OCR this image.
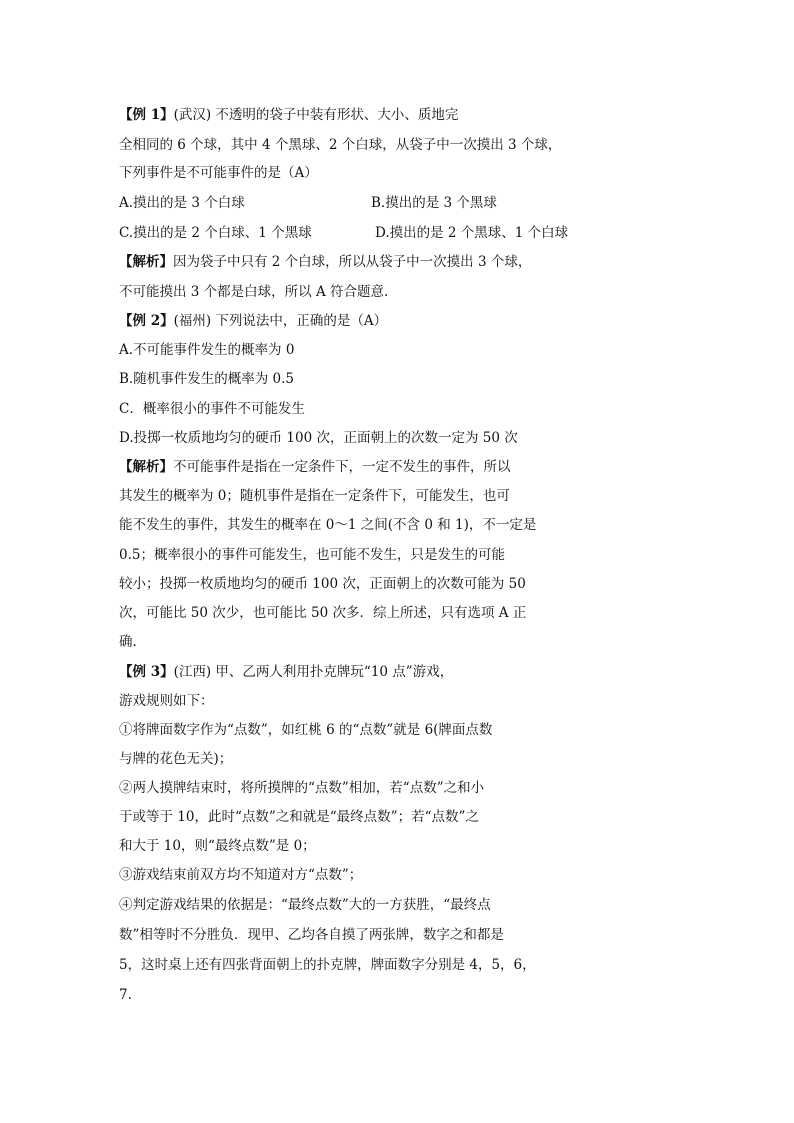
【例 1】(武汉) 不透明的袋子中装有形状、大小、质地完
全相同的 6 个球，其中 4 个黑球、2 个白球，从袋子中一次摸出 3 个球，
下列事件是不可能事件的是（A）
A.摸出的是 3 个白球	B.摸出的是 3 个黑球
C.摸出的是 2 个白球、1 个黑球	D.摸出的是 2 个黑球、1 个白球
【解析】因为袋子中只有 2 个白球，所以从袋子中一次摸出 3 个球，
不可能摸出 3 个都是白球，所以 A 符合题意.
【例 2】(福州) 下列说法中，正确的是（A）
A.不可能事件发生的概率为 0
B.随机事件发生的概率为 0.5
C．概率很小的事件不可能发生
D.投掷一枚质地均匀的硬币 100 次，正面朝上的次数一定为 50 次
【解析】不可能事件是指在一定条件下，一定不发生的事件，所以
其发生的概率为 0；随机事件是指在一定条件下，可能发生，也可
能不发生的事件，其发生的概率在 0～1 之间(不含 0 和 1)，不一定是
0.5；概率很小的事件可能发生，也可能不发生，只是发生的可能
较小；投掷一枚质地均匀的硬币 100 次，正面朝上的次数可能为 50
次，可能比 50 次少，也可能比 50 次多．综上所述，只有选项 A 正
确.
【例 3】(江西) 甲、乙两人利用扑克牌玩“10 点”游戏，
游戏规则如下：
①将牌面数字作为“点数”，如红桃 6 的“点数”就是 6(牌面点数
与牌的花色无关)；
②两人摸牌结束时，将所摸牌的“点数”相加，若“点数”之和小
于或等于 10，此时“点数”之和就是“最终点数”；若“点数”之
和大于 10，则“最终点数”是 0；
③游戏结束前双方均不知道对方“点数”；
④判定游戏结果的依据是：“最终点数”大的一方获胜，“最终点
数”相等时不分胜负．现甲、乙均各自摸了两张牌，数字之和都是
5，这时桌上还有四张背面朝上的扑克牌，牌面数字分别是 4，5，6，
7.
